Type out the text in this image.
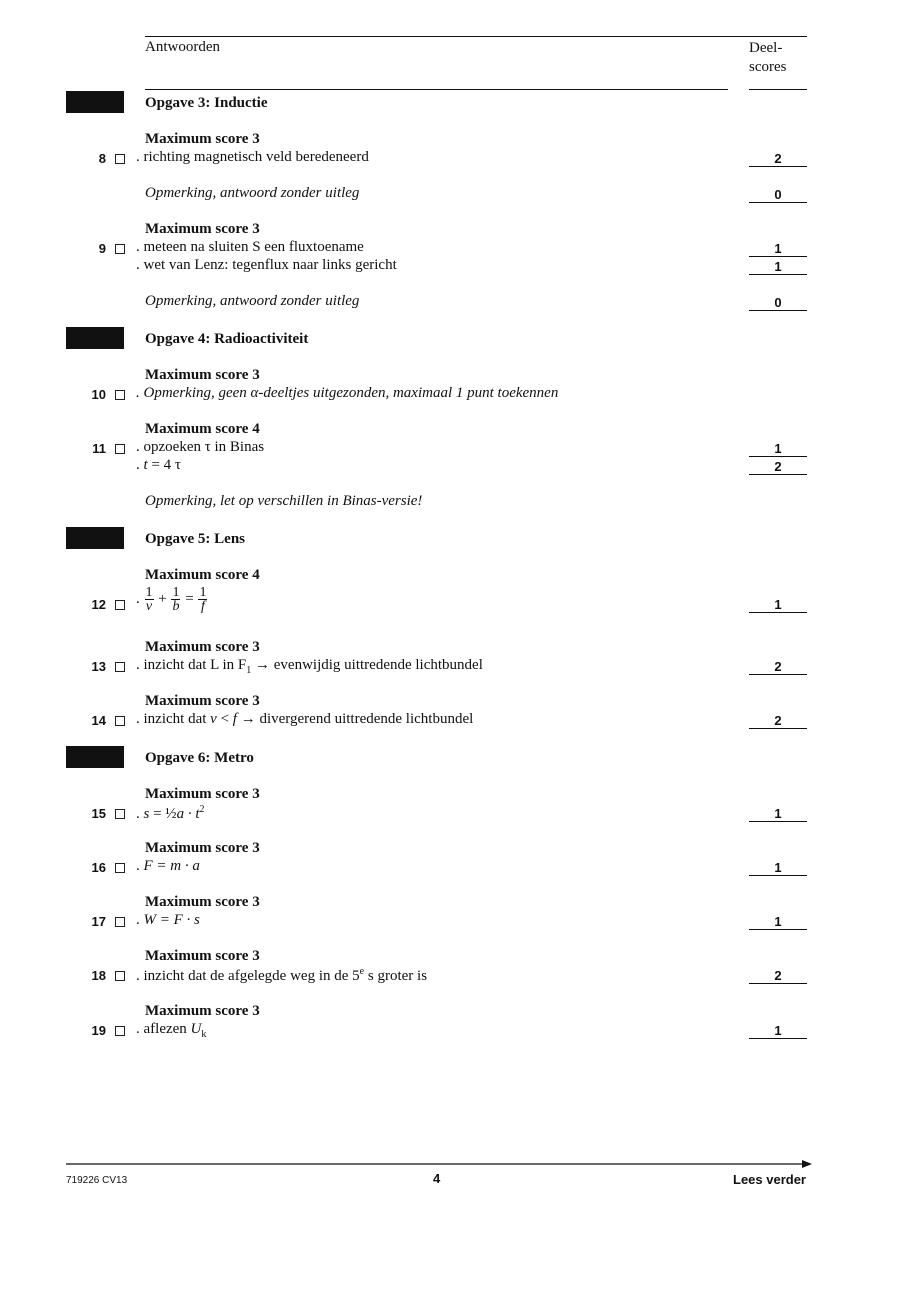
Antwoorden	Deel-
scores
Opgave 3: Inductie
Maximum score 3
8 . richting magnetisch veld beredeneerd	2
Opmerking, antwoord zonder uitleg	0
Maximum score 3
9 . meteen na sluiten S een fluxtoename	1
. wet van Lenz: tegenflux naar links gericht	1
Opmerking, antwoord zonder uitleg	0
Opgave 4: Radioactiviteit
Maximum score 3
10 . Opmerking, geen α-deeltjes uitgezonden, maximaal 1 punt toekennen
Maximum score 4
11 . opzoeken τ in Binas	1
. t = 4 τ	2
Opmerking, let op verschillen in Binas-versie!
Opgave 5: Lens
Maximum score 4
12 . $\frac{1}{v} + \frac{1}{b} = \frac{1}{f}$	1
Maximum score 3
13 . inzicht dat L in $F_1$ → evenwijdig uittredende lichtbundel	2
Maximum score 3
14 . inzicht dat v < f → divergerend uittredende lichtbundel	2
Opgave 6: Metro
Maximum score 3
15 . s = ½a · $t^2$	1
Maximum score 3
16 . F = m · a	1
Maximum score 3
17 . W = F · s	1
Maximum score 3
18 . inzicht dat de afgelegde weg in de 5e s groter is	2
Maximum score 3
19 . aflezen $U_k$	1
719226 CV13	4	Lees verder
